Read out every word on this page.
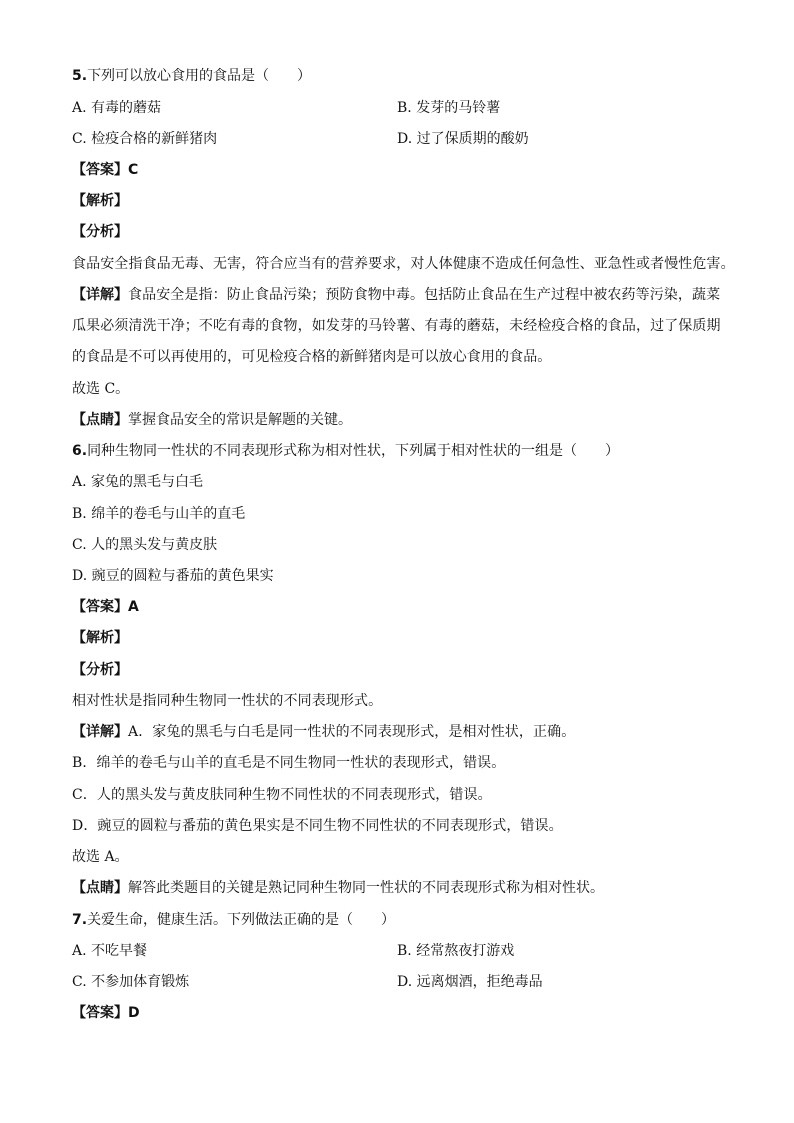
5.下列可以放心食用的食品是（　　）
A. 有毒的蘑菇	B. 发芽的马铃薯
C. 检疫合格的新鲜猪肉	D. 过了保质期的酸奶
【答案】C
【解析】
【分析】
食品安全指食品无毒、无害，符合应当有的营养要求，对人体健康不造成任何急性、亚急性或者慢性危害。
【详解】食品安全是指：防止食品污染；预防食物中毒。包括防止食品在生产过程中被农药等污染，蔬菜
瓜果必须清洗干净；不吃有毒的食物，如发芽的马铃薯、有毒的蘑菇，未经检疫合格的食品，过了保质期
的食品是不可以再使用的，可见检疫合格的新鲜猪肉是可以放心食用的食品。
故选 C。
【点睛】掌握食品安全的常识是解题的关键。
6.同种生物同一性状的不同表现形式称为相对性状，下列属于相对性状的一组是（　　）
A. 家兔的黑毛与白毛
B. 绵羊的卷毛与山羊的直毛
C. 人的黑头发与黄皮肤
D. 豌豆的圆粒与番茄的黄色果实
【答案】A
【解析】
【分析】
相对性状是指同种生物同一性状的不同表现形式。
【详解】A．家兔的黑毛与白毛是同一性状的不同表现形式，是相对性状，正确。
B．绵羊的卷毛与山羊的直毛是不同生物同一性状的表现形式，错误。
C．人的黑头发与黄皮肤同种生物不同性状的不同表现形式，错误。
D．豌豆的圆粒与番茄的黄色果实是不同生物不同性状的不同表现形式，错误。
故选 A。
【点睛】解答此类题目的关键是熟记同种生物同一性状的不同表现形式称为相对性状。
7.关爱生命，健康生活。下列做法正确的是（　　）
A. 不吃早餐	B. 经常熬夜打游戏
C. 不参加体育锻炼	D. 远离烟酒，拒绝毒品
【答案】D
